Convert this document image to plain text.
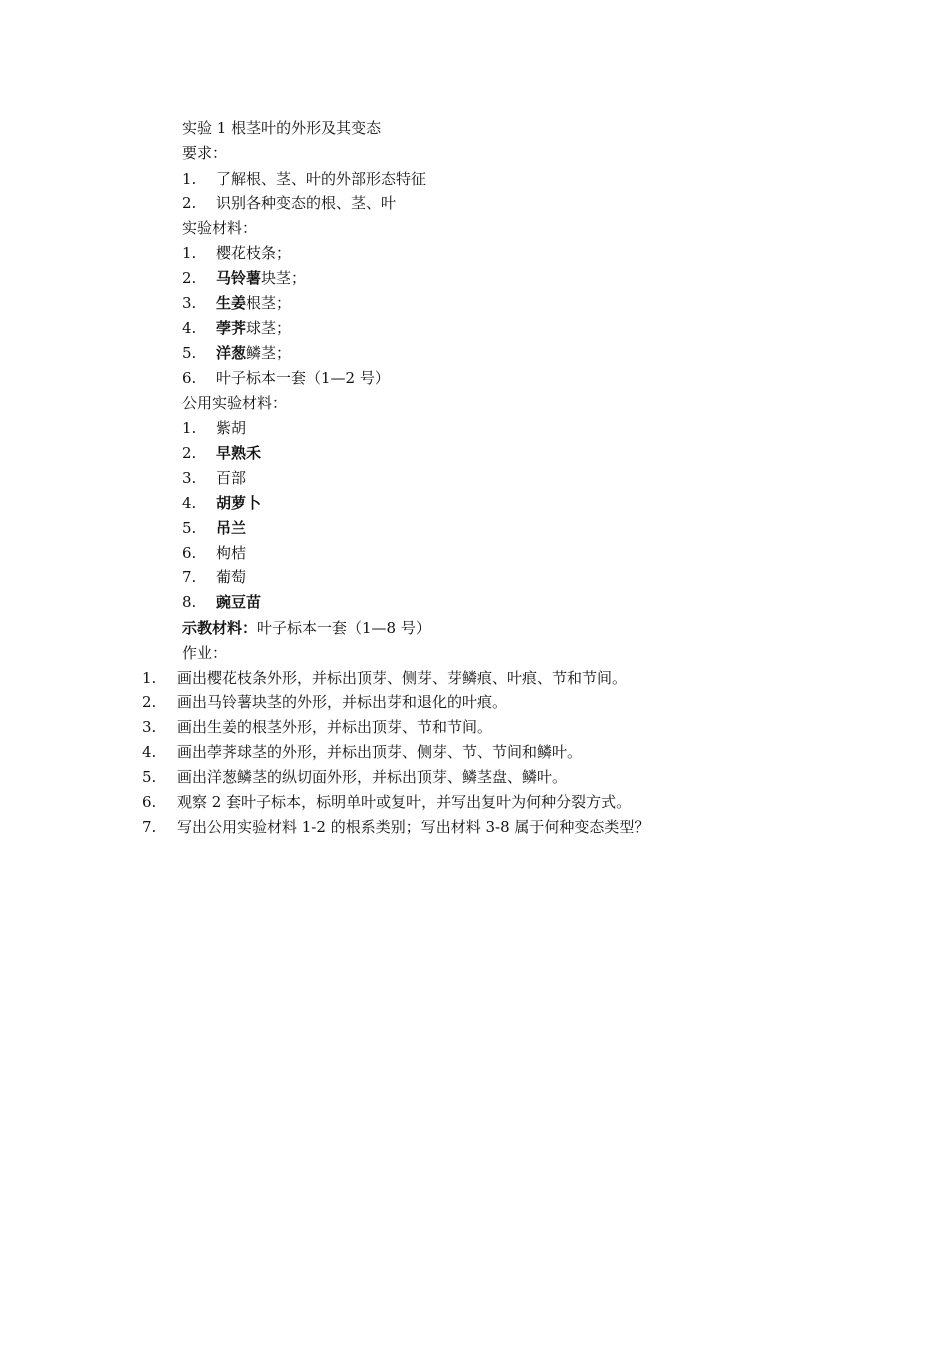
实验 1 根茎叶的外形及其变态
要求：
1. 了解根、茎、叶的外部形态特征
2. 识别各种变态的根、茎、叶
实验材料：
1. 樱花枝条；
2. 马铃薯块茎；
3. 生姜根茎；
4. 荸荠球茎；
5. 洋葱鳞茎；
6. 叶子标本一套（1—2 号）
公用实验材料：
1. 紫胡
2. 早熟禾
3. 百部
4. 胡萝卜
5. 吊兰
6. 枸桔
7. 葡萄
8. 豌豆苗
示教材料：叶子标本一套（1—8 号）
作业：
1. 画出樱花枝条外形，并标出顶芽、侧芽、芽鳞痕、叶痕、节和节间。
2. 画出马铃薯块茎的外形，并标出芽和退化的叶痕。
3. 画出生姜的根茎外形，并标出顶芽、节和节间。
4. 画出荸荠球茎的外形，并标出顶芽、侧芽、节、节间和鳞叶。
5. 画出洋葱鳞茎的纵切面外形，并标出顶芽、鳞茎盘、鳞叶。
6. 观察 2 套叶子标本，标明单叶或复叶，并写出复叶为何种分裂方式。
7. 写出公用实验材料 1-2 的根系类别；写出材料 3-8 属于何种变态类型？
